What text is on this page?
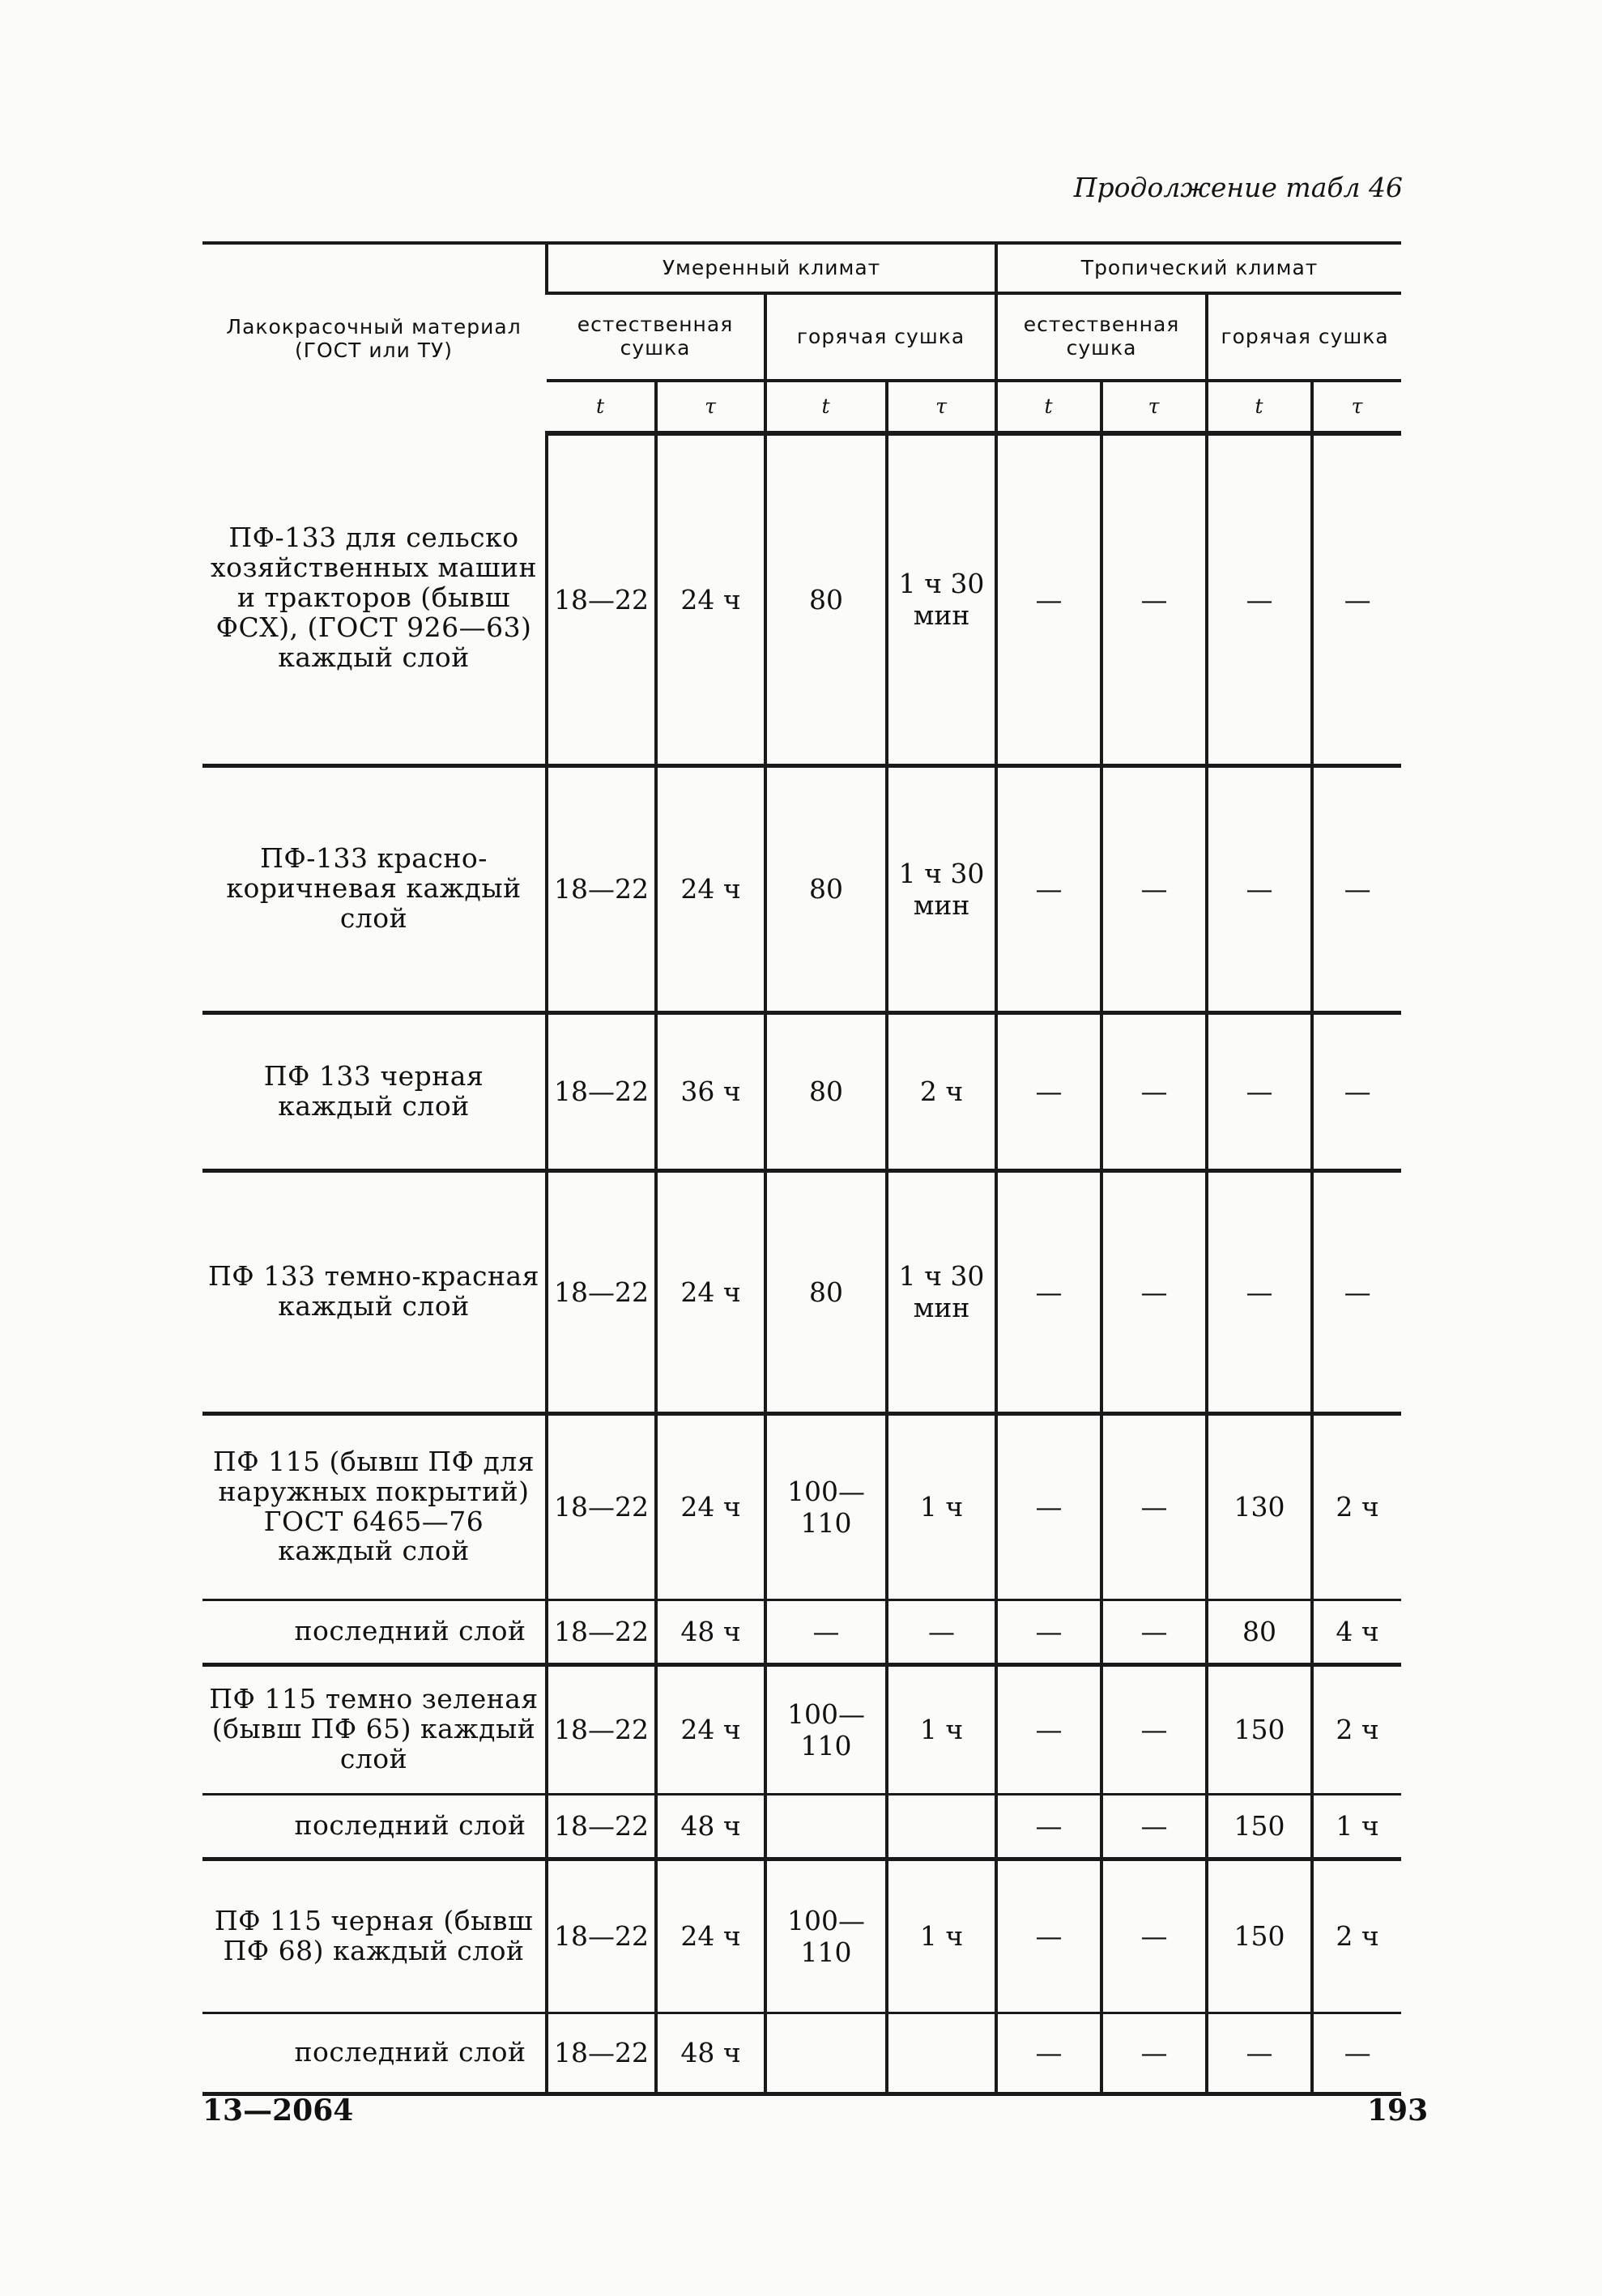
Продолжение табл 46
Лакокрасочный материал (ГОСТ или ТУ)	Умеренный климат				Тропический климат			
	естественная сушка		горячая сушка		естественная сушка		горячая сушка	
	t	τ	t	τ	t	τ	t	τ
ПФ-133 для сельско хозяйственных машин и тракторов (бывш ФСХ), (ГОСТ 926—63) каждый слой	18—22	24 ч	80	1 ч 30 мин	—	—	—	—
ПФ-133 красно-коричневая каждый слой	18—22	24 ч	80	1 ч 30 мин	—	—	—	—
ПФ 133 черная каждый слой	18—22	36 ч	80	2 ч	—	—	—	—
ПФ 133 темно-красная каждый слой	18—22	24 ч	80	1 ч 30 мин	—	—	—	—
ПФ 115 (бывш ПФ для наружных покрытий) ГОСТ 6465—76 каждый слой	18—22	24 ч	100—110	1 ч	—	—	130	2 ч
последний слой	18—22	48 ч	—	—	—	—	80	4 ч
ПФ 115 темно зеленая (бывш ПФ 65) каждый слой	18—22	24 ч	100—110	1 ч	—	—	150	2 ч
последний слой	18—22	48 ч			—	—	150	1 ч
ПФ 115 черная (бывш ПФ 68) каждый слой	18—22	24 ч	100—110	1 ч	—	—	150	2 ч
последний слой	18—22	48 ч			—	—	—	—
13—2064	193
